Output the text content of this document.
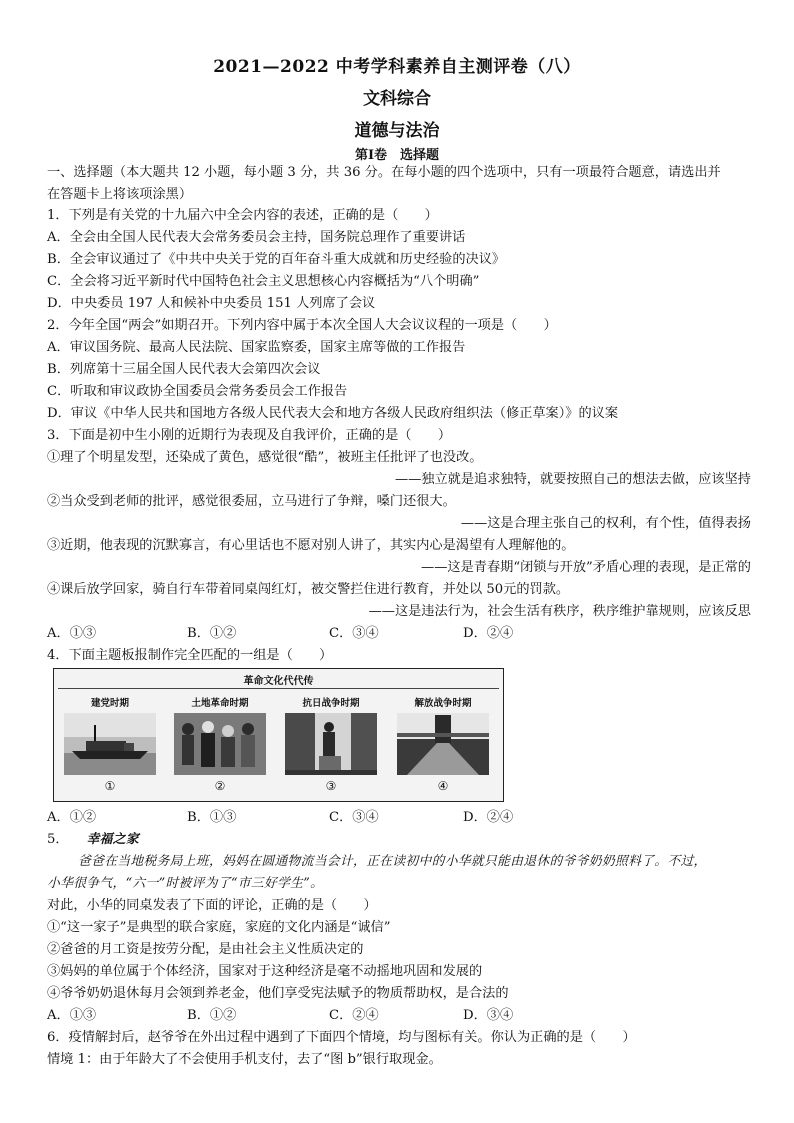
2021—2022 中考学科素养自主测评卷（八）
文科综合
道德与法治
第Ⅰ卷　选择题
一、选择题（本大题共 12 小题，每小题 3 分，共 36 分。在每小题的四个选项中，只有一项最符合题意，请选出并
在答题卡上将该项涂黑）
1．下列是有关党的十九届六中全会内容的表述，正确的是（　　）
A．全会由全国人民代表大会常务委员会主持，国务院总理作了重要讲话
B．全会审议通过了《中共中央关于党的百年奋斗重大成就和历史经验的决议》
C．全会将习近平新时代中国特色社会主义思想核心内容概括为“八个明确”
D．中央委员 197 人和候补中央委员 151 人列席了会议
2．今年全国“两会”如期召开。下列内容中属于本次全国人大会议议程的一项是（　　）
A．审议国务院、最高人民法院、国家监察委，国家主席等做的工作报告
B．列席第十三届全国人民代表大会第四次会议
C．听取和审议政协全国委员会常务委员会工作报告
D．审议《中华人民共和国地方各级人民代表大会和地方各级人民政府组织法（修正草案）》的议案
3．下面是初中生小刚的近期行为表现及自我评价，正确的是（　　）
①理了个明星发型，还染成了黄色，感觉很“酷”，被班主任批评了也没改。
——独立就是追求独特，就要按照自己的想法去做，应该坚持
②当众受到老师的批评，感觉很委屈，立马进行了争辩，嗓门还很大。
——这是合理主张自己的权利，有个性，值得表扬
③近期，他表现的沉默寡言，有心里话也不愿对别人讲了，其实内心是渴望有人理解他的。
——这是青春期“闭锁与开放”矛盾心理的表现，是正常的
④课后放学回家，骑自行车带着同桌闯红灯，被交警拦住进行教育，并处以 50元的罚款。
——这是违法行为，社会生活有秩序，秩序维护靠规则，应该反思
A．①③	B．①②	C．③④	D．②④
4．下面主题板报制作完全匹配的一组是（　　）
革命文化代代传
建党时期
①
土地革命时期
②
抗日战争时期
③
解放战争时期
④
A．①②	B．①③	C．③④	D．②④
5． 幸福之家
爸爸在当地税务局上班，妈妈在圆通物流当会计，正在读初中的小华就只能由退休的爷爷奶奶照料了。不过，
小华很争气，“六一”时被评为了“市三好学生”。
对此，小华的同桌发表了下面的评论，正确的是（　　）
①“这一家子”是典型的联合家庭，家庭的文化内涵是“诚信”
②爸爸的月工资是按劳分配，是由社会主义性质决定的
③妈妈的单位属于个体经济，国家对于这种经济是毫不动摇地巩固和发展的
④爷爷奶奶退休每月会领到养老金，他们享受宪法赋予的物质帮助权，是合法的
A．①③	B．①②	C．②④	D．③④
6．疫情解封后，赵爷爷在外出过程中遇到了下面四个情境，均与图标有关。你认为正确的是（　　）
情境 1：由于年龄大了不会使用手机支付，去了“图 b”银行取现金。
